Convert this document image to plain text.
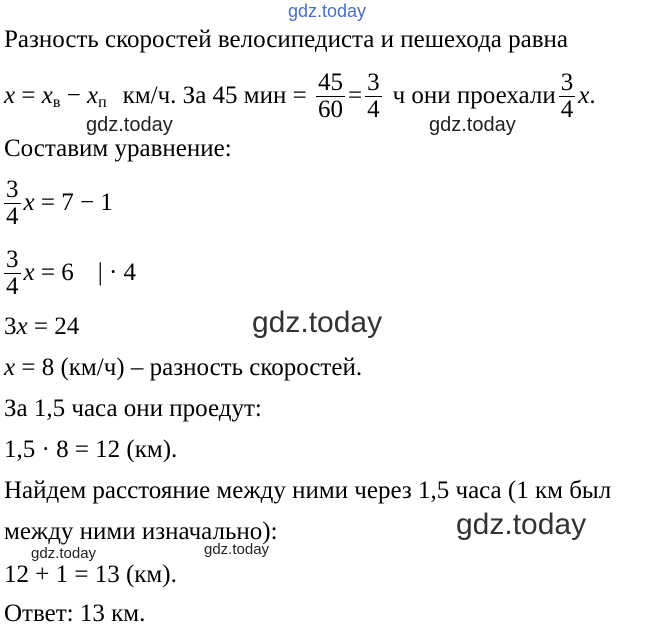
gdz.today
Разность скоростей велосипедиста и пешехода равна
x = x в − x п км/ч . За 45 мин = $\frac{45}{60} = \frac{3}{4}$ ч они проехали $\frac{3}{4}$ x .
gdz.today	gdz.today
Составим уравнение:
$\frac{3}{4}$ x = 7 − 1
$\frac{3}{4}$ x = 6 | · 4
3x = 24	gdz.today
x = 8 (км/ч) – разность скоростей.
За 1,5 часа они проедут:
1,5 · 8 = 12 (км).
Найдем расстояние между ними через 1,5 часа (1 км был
между ними изначально):	gdz.today
gdz.today	gdz.today
12 + 1 = 13 (км).
Ответ: 13 км.
